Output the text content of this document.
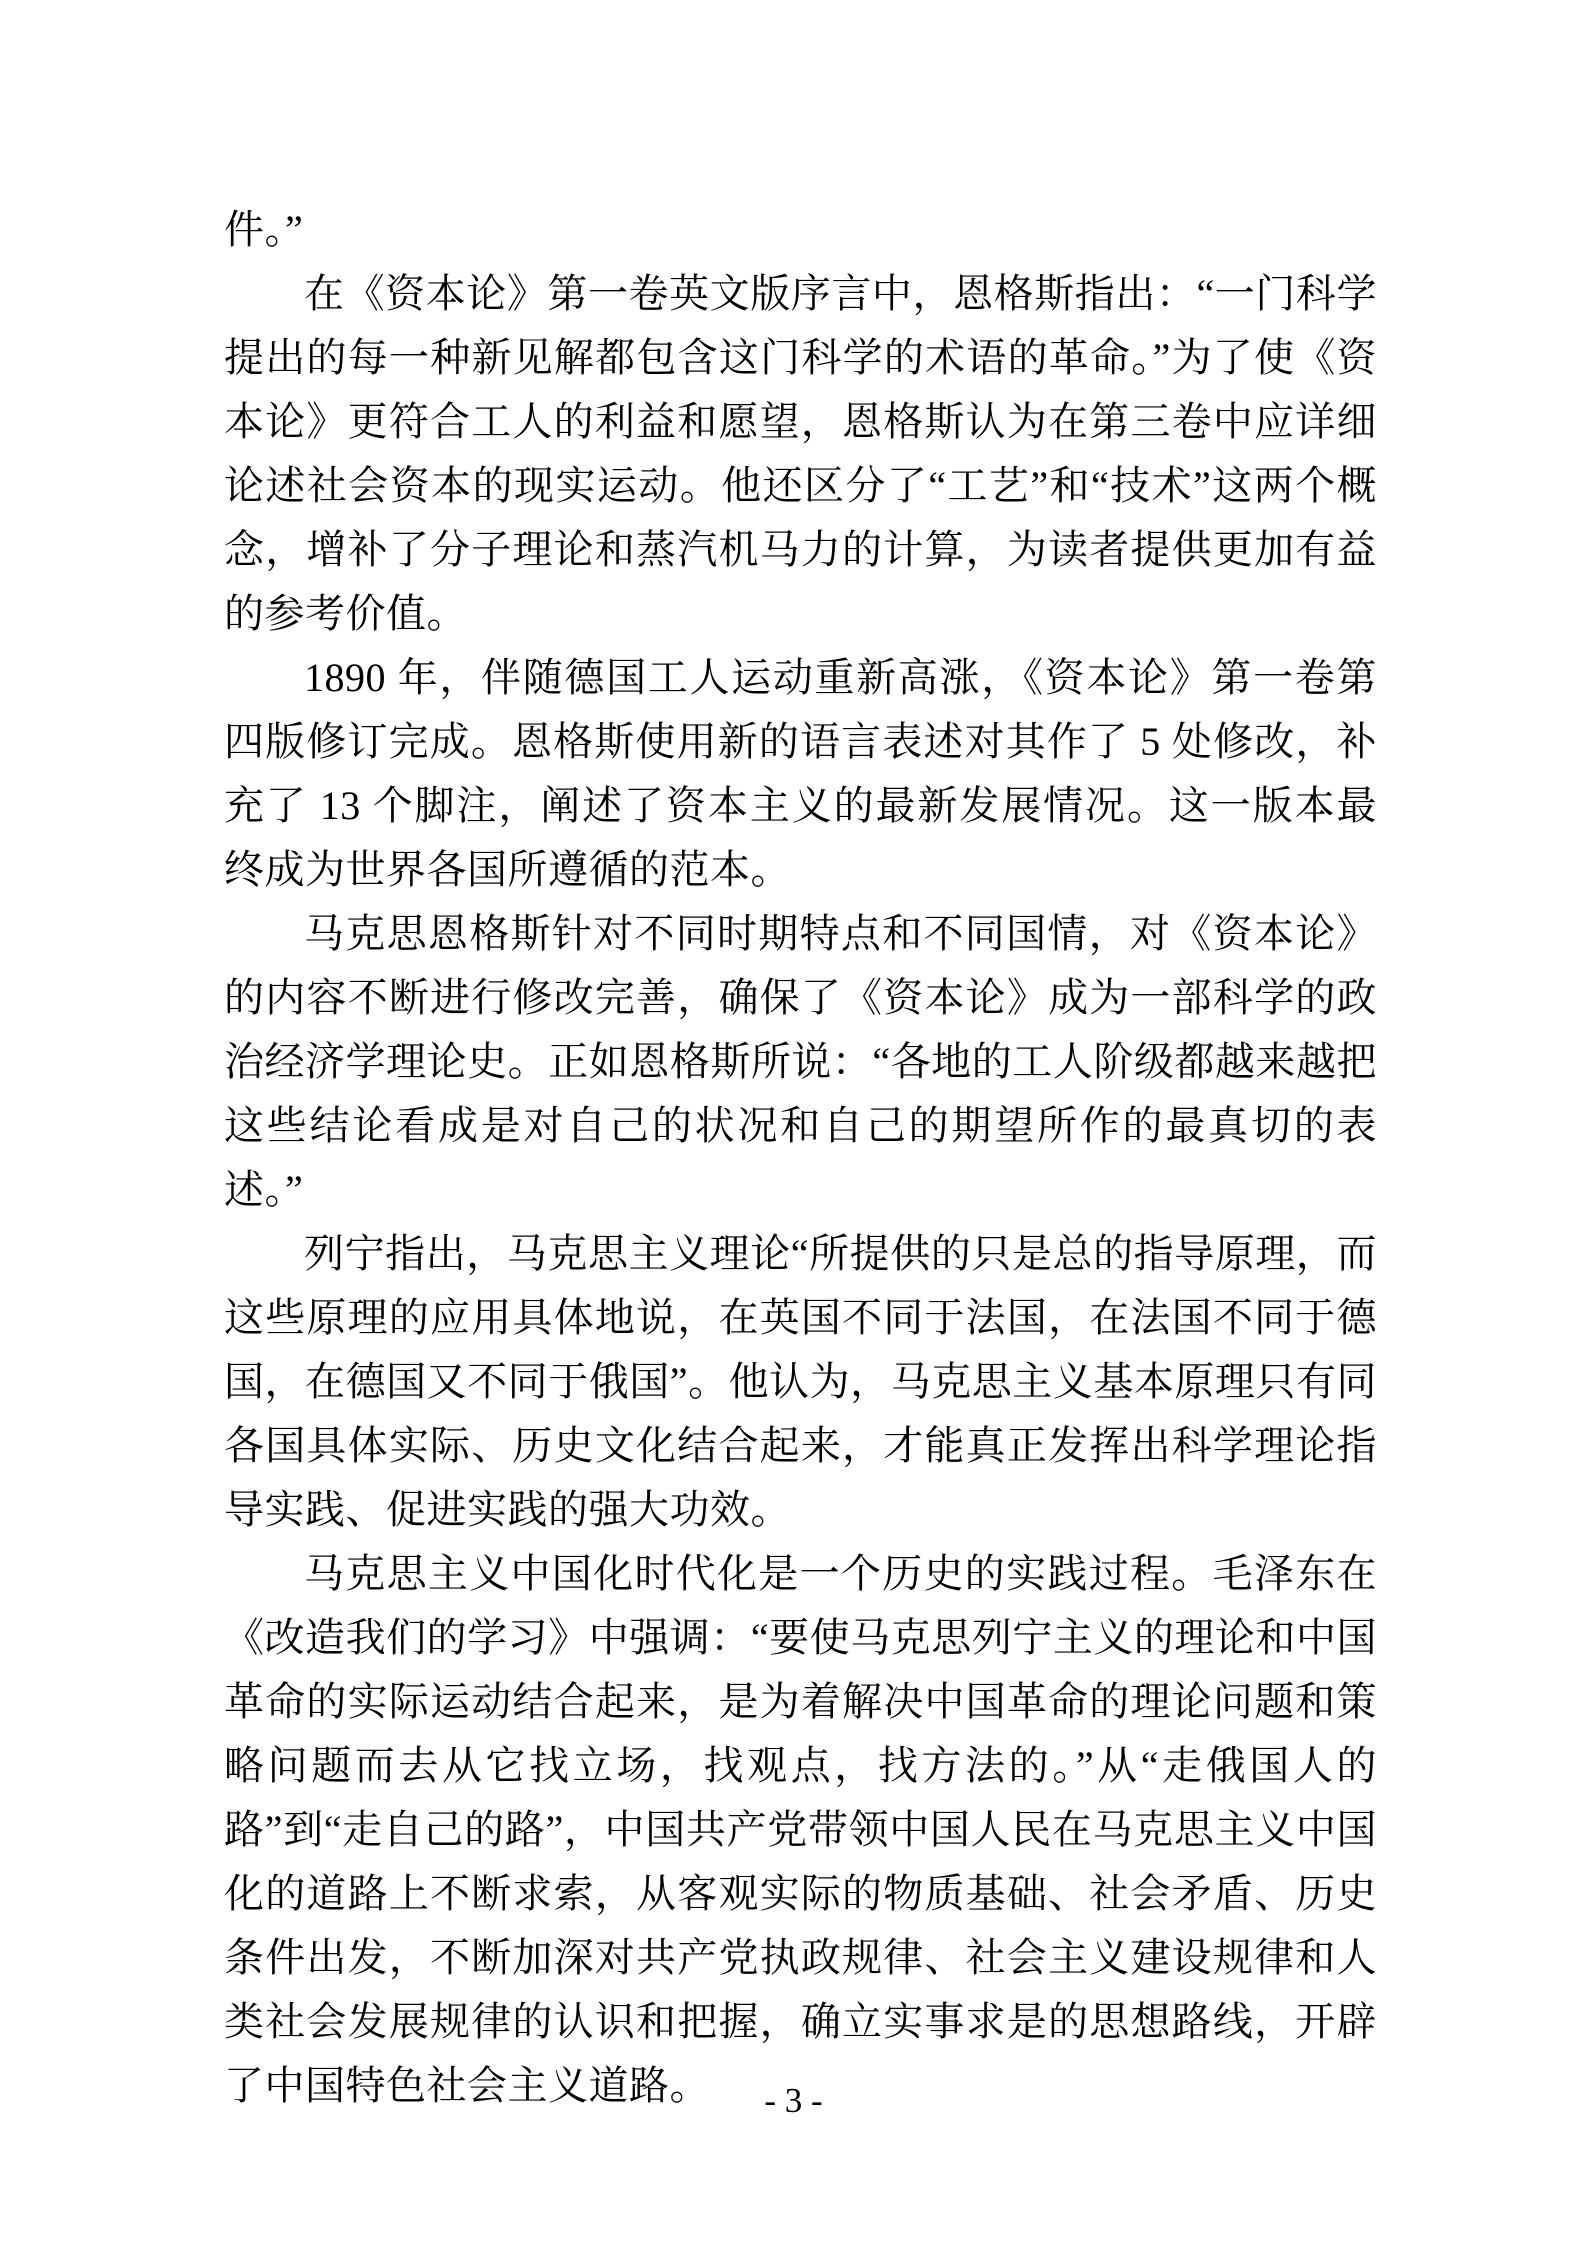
件。”

在《资本论》第一卷英文版序言中，恩格斯指出：“一门科学提出的每一种新见解都包含这门科学的术语的革命。”为了使《资本论》更符合工人的利益和愿望，恩格斯认为在第三卷中应详细论述社会资本的现实运动。他还区分了“工艺”和“技术”这两个概念，增补了分子理论和蒸汽机马力的计算，为读者提供更加有益的参考价值。

1890 年，伴随德国工人运动重新高涨，《资本论》第一卷第四版修订完成。恩格斯使用新的语言表述对其作了 5 处修改，补充了 13 个脚注，阐述了资本主义的最新发展情况。这一版本最终成为世界各国所遵循的范本。

马克思恩格斯针对不同时期特点和不同国情，对《资本论》的内容不断进行修改完善，确保了《资本论》成为一部科学的政治经济学理论史。正如恩格斯所说：“各地的工人阶级都越来越把这些结论看成是对自己的状况和自己的期望所作的最真切的表述。”

列宁指出，马克思主义理论“所提供的只是总的指导原理，而这些原理的应用具体地说，在英国不同于法国，在法国不同于德国，在德国又不同于俄国”。他认为，马克思主义基本原理只有同各国具体实际、历史文化结合起来，才能真正发挥出科学理论指导实践、促进实践的强大功效。

马克思主义中国化时代化是一个历史的实践过程。毛泽东在《改造我们的学习》中强调：“要使马克思列宁主义的理论和中国革命的实际运动结合起来，是为着解决中国革命的理论问题和策略问题而去从它找立场，找观点，找方法的。”从“走俄国人的路”到“走自己的路”，中国共产党带领中国人民在马克思主义中国化的道路上不断求索，从客观实际的物质基础、社会矛盾、历史条件出发，不断加深对共产党执政规律、社会主义建设规律和人类社会发展规律的认识和把握，确立实事求是的思想路线，开辟了中国特色社会主义道路。	- 3 -
